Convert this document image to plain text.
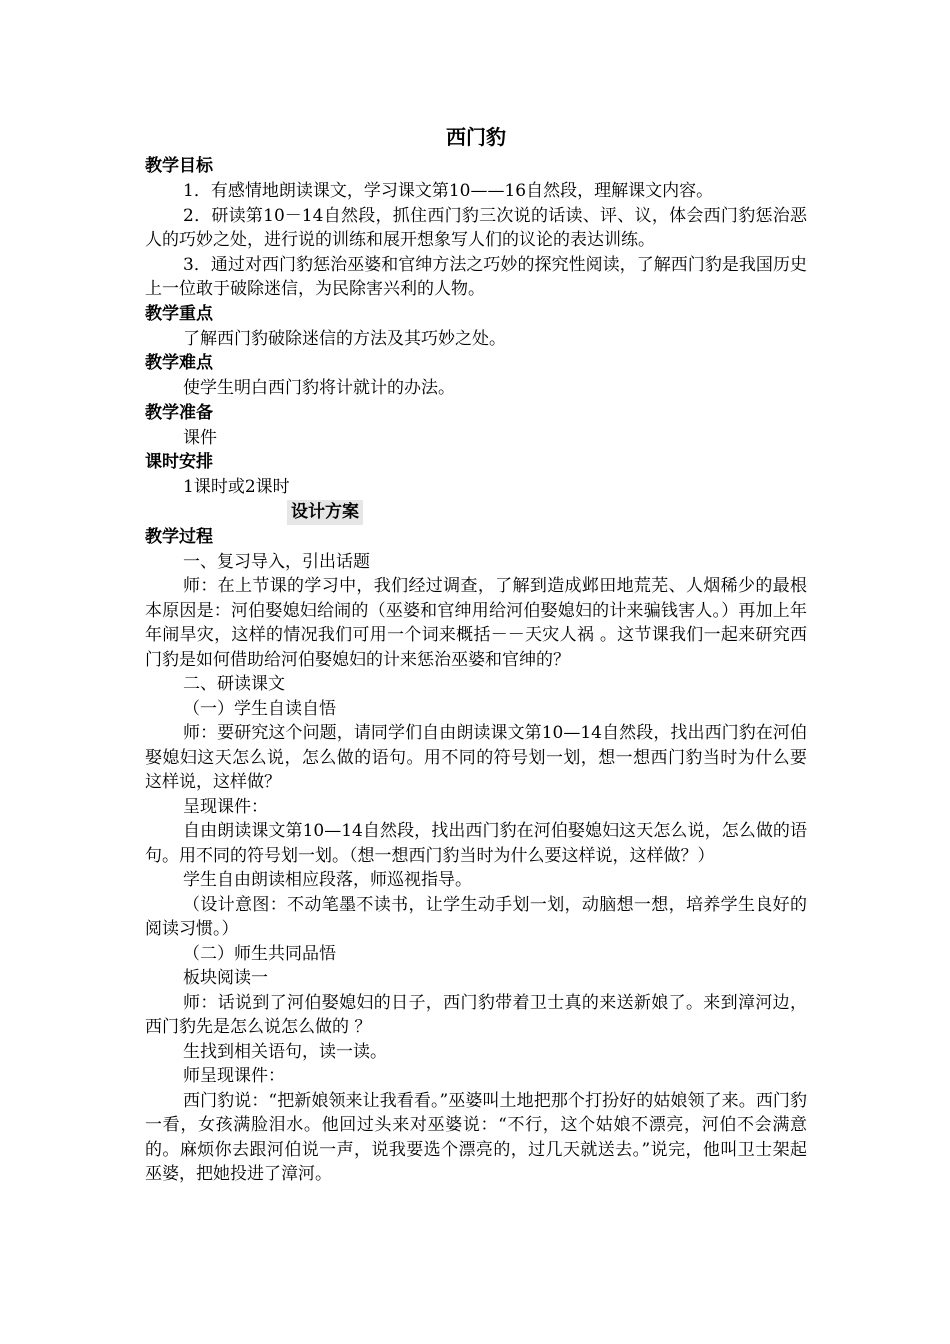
西门豹
教学目标

1．有感情地朗读课文，学习课文第10——16自然段，理解课文内容。

2．研读第10－14自然段，抓住西门豹三次说的话读、评、议，体会西门豹惩治恶人的巧妙之处，进行说的训练和展开想象写人们的议论的表达训练。

3．通过对西门豹惩治巫婆和官绅方法之巧妙的探究性阅读，了解西门豹是我国历史上一位敢于破除迷信，为民除害兴利的人物。

教学重点

了解西门豹破除迷信的方法及其巧妙之处。

教学难点

使学生明白西门豹将计就计的办法。

教学准备

课件

课时安排

1课时或2课时

设计方案
教学过程

一、复习导入，引出话题

师：在上节课的学习中，我们经过调查，了解到造成邺田地荒芜、人烟稀少的最根本原因是：河伯娶媳妇给闹的（巫婆和官绅用给河伯娶媳妇的计来骗钱害人。）再加上年年闹旱灾，这样的情况我们可用一个词来概括－－天灾人祸 。这节课我们一起来研究西门豹是如何借助给河伯娶媳妇的计来惩治巫婆和官绅的？

二、研读课文

（一）学生自读自悟

师：要研究这个问题，请同学们自由朗读课文第10—14自然段，找出西门豹在河伯娶媳妇这天怎么说，怎么做的语句。用不同的符号划一划，想一想西门豹当时为什么要这样说，这样做？

呈现课件：

自由朗读课文第10—14自然段，找出西门豹在河伯娶媳妇这天怎么说，怎么做的语句。用不同的符号划一划。（想一想西门豹当时为什么要这样说，这样做？）

学生自由朗读相应段落，师巡视指导。

（设计意图：不动笔墨不读书，让学生动手划一划，动脑想一想，培养学生良好的阅读习惯。）

（二）师生共同品悟

板块阅读一

师：话说到了河伯娶媳妇的日子，西门豹带着卫士真的来送新娘了。来到漳河边，西门豹先是怎么说怎么做的 ？

生找到相关语句，读一读。

师呈现课件：

西门豹说：“把新娘领来让我看看。”巫婆叫土地把那个打扮好的姑娘领了来。西门豹一看，女孩满脸泪水。他回过头来对巫婆说：“不行，这个姑娘不漂亮，河伯不会满意的。麻烦你去跟河伯说一声，说我要选个漂亮的，过几天就送去。”说完，他叫卫士架起巫婆，把她投进了漳河。
